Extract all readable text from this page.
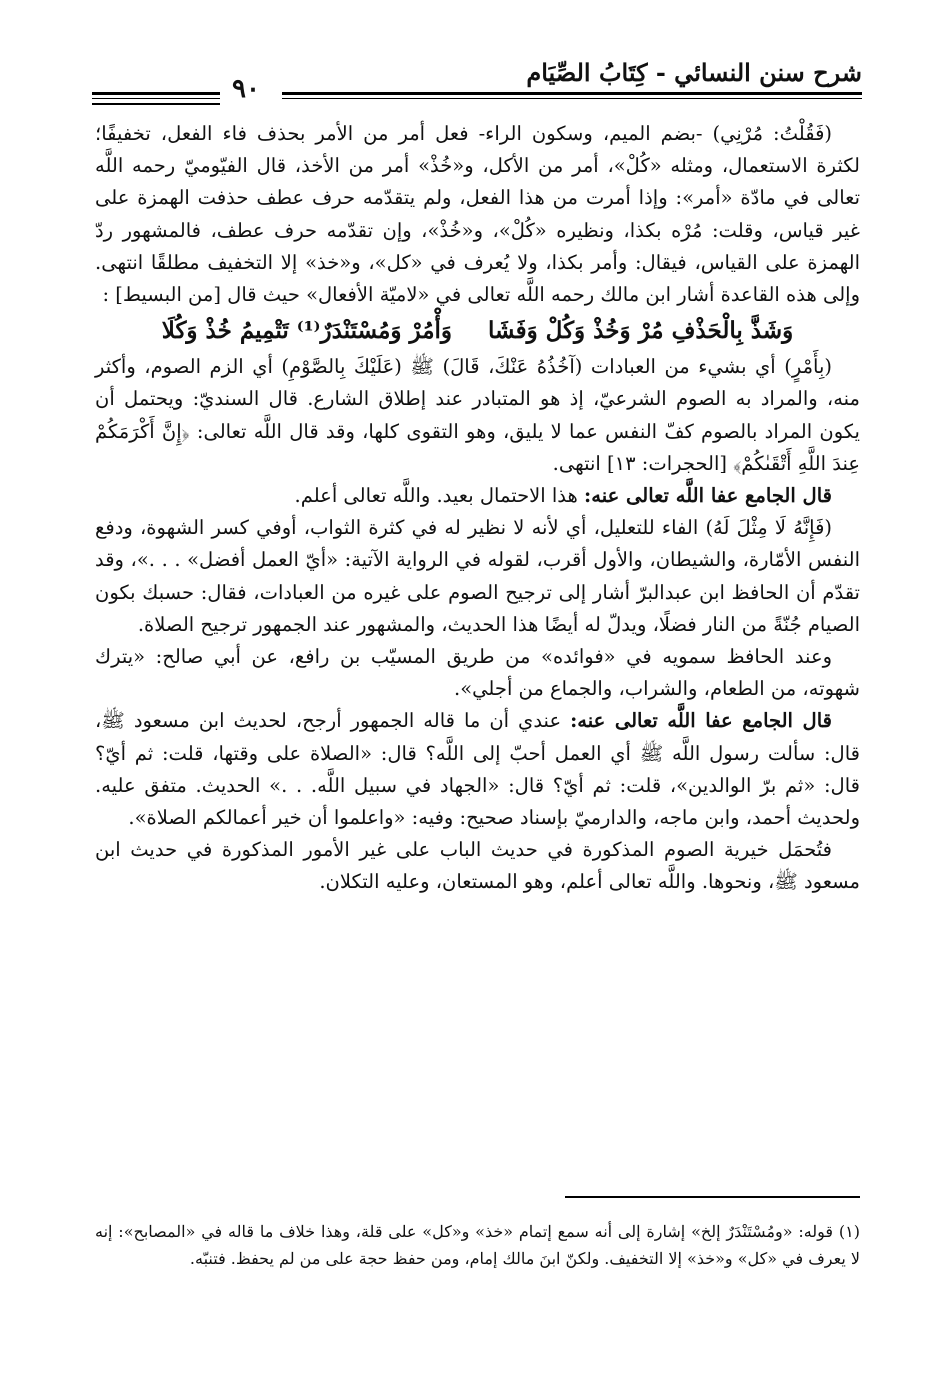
شرح سنن النسائي - كِتَابُ الصِّيَام
٩٠

(فَقُلْتُ: مُرْنِي) -بضم الميم، وسكون الراء- فعل أمر من الأمر بحذف فاء الفعل، تخفيفًا؛ لكثرة الاستعمال، ومثله «كُلْ»، أمر من الأكل، و«خُذْ» أمر من الأخذ، قال الفيّوميّ رحمه اللَّه تعالى في مادّة «أمر»: وإذا أمرت من هذا الفعل، ولم يتقدّمه حرف عطف حذفت الهمزة على غير قياس، وقلت: مُرْه بكذا، ونظيره «كُلْ»، و«خُذْ»، وإن تقدّمه حرف عطف، فالمشهور ردّ الهمزة على القياس، فيقال: وأمر بكذا، ولا يُعرف في «كل»، و«خذ» إلا التخفيف مطلقًا انتهى. وإلى هذه القاعدة أشار ابن مالك رحمه اللَّه تعالى في «لاميّة الأفعال» حيث قال [من البسيط] :

وَشَذَّ بِالْحَذْفِ مُرْ وَخُذْ وَكُلْ وَفَشَاوَأْمُرْ وَمُسْتَنْدَرٌ⁽¹⁾ تَتْمِيمُ خُذْ وَكُلَا

(بِأَمْرٍ) أي بشيء من العبادات (آخُذُهُ عَنْكَ، قَالَ) ﷺ (عَلَيْكَ بِالصَّوْمِ) أي الزم الصوم، وأكثر منه، والمراد به الصوم الشرعيّ، إذ هو المتبادر عند إطلاق الشارع. قال السنديّ: ويحتمل أن يكون المراد بالصوم كفّ النفس عما لا يليق، وهو التقوى كلها، وقد قال اللَّه تعالى: ﴿إِنَّ أَكْرَمَكُمْ عِندَ اللَّهِ أَتْقَىٰكُمْ﴾ [الحجرات: ١٣] انتهى.

قال الجامع عفا اللَّه تعالى عنه: هذا الاحتمال بعيد. واللَّه تعالى أعلم.

(فَإِنَّهُ لَا مِثْلَ لَهُ) الفاء للتعليل، أي لأنه لا نظير له في كثرة الثواب، أوفي كسر الشهوة، ودفع النفس الأمّارة، والشيطان، والأول أقرب، لقوله في الرواية الآتية: «أيّ العمل أفضل» . . .»، وقد تقدّم أن الحافظ ابن عبدالبرّ أشار إلى ترجيح الصوم على غيره من العبادات، فقال: حسبك بكون الصيام جُنّةً من النار فضلًا، ويدلّ له أيضًا هذا الحديث، والمشهور عند الجمهور ترجيح الصلاة.

وعند الحافظ سمويه في «فوائده» من طريق المسيّب بن رافع، عن أبي صالح: «يترك شهوته، من الطعام، والشراب، والجماع من أجلي».

قال الجامع عفا اللَّه تعالى عنه: عندي أن ما قاله الجمهور أرجح، لحديث ابن مسعود ﷺ، قال: سألت رسول اللَّه ﷺ أي العمل أحبّ إلى اللَّه؟ قال: «الصلاة على وقتها، قلت: ثم أيّ؟ قال: «ثم برّ الوالدين»، قلت: ثم أيّ؟ قال: «الجهاد في سبيل اللَّه. . .» الحديث. متفق عليه. ولحديث أحمد، وابن ماجه، والدارميّ بإسناد صحيح: وفيه: «واعلموا أن خير أعمالكم الصلاة».

فتُحمَل خيرية الصوم المذكورة في حديث الباب على غير الأمور المذكورة في حديث ابن مسعود ﷺ، ونحوها. واللَّه تعالى أعلم، وهو المستعان، وعليه التكلان.

(١) قوله: «ومُسْتَنْدَرٌ إلخ» إشارة إلى أنه سمع إتمام «خذ» و«كل» على قلة، وهذا خلاف ما قاله في «المصابح»: إنه لا يعرف في «كل» و«خذ» إلا التخفيف. ولكنّ ابنَ مالك إمام، ومن حفظ حجة على من لم يحفظ. فتنبّه.
